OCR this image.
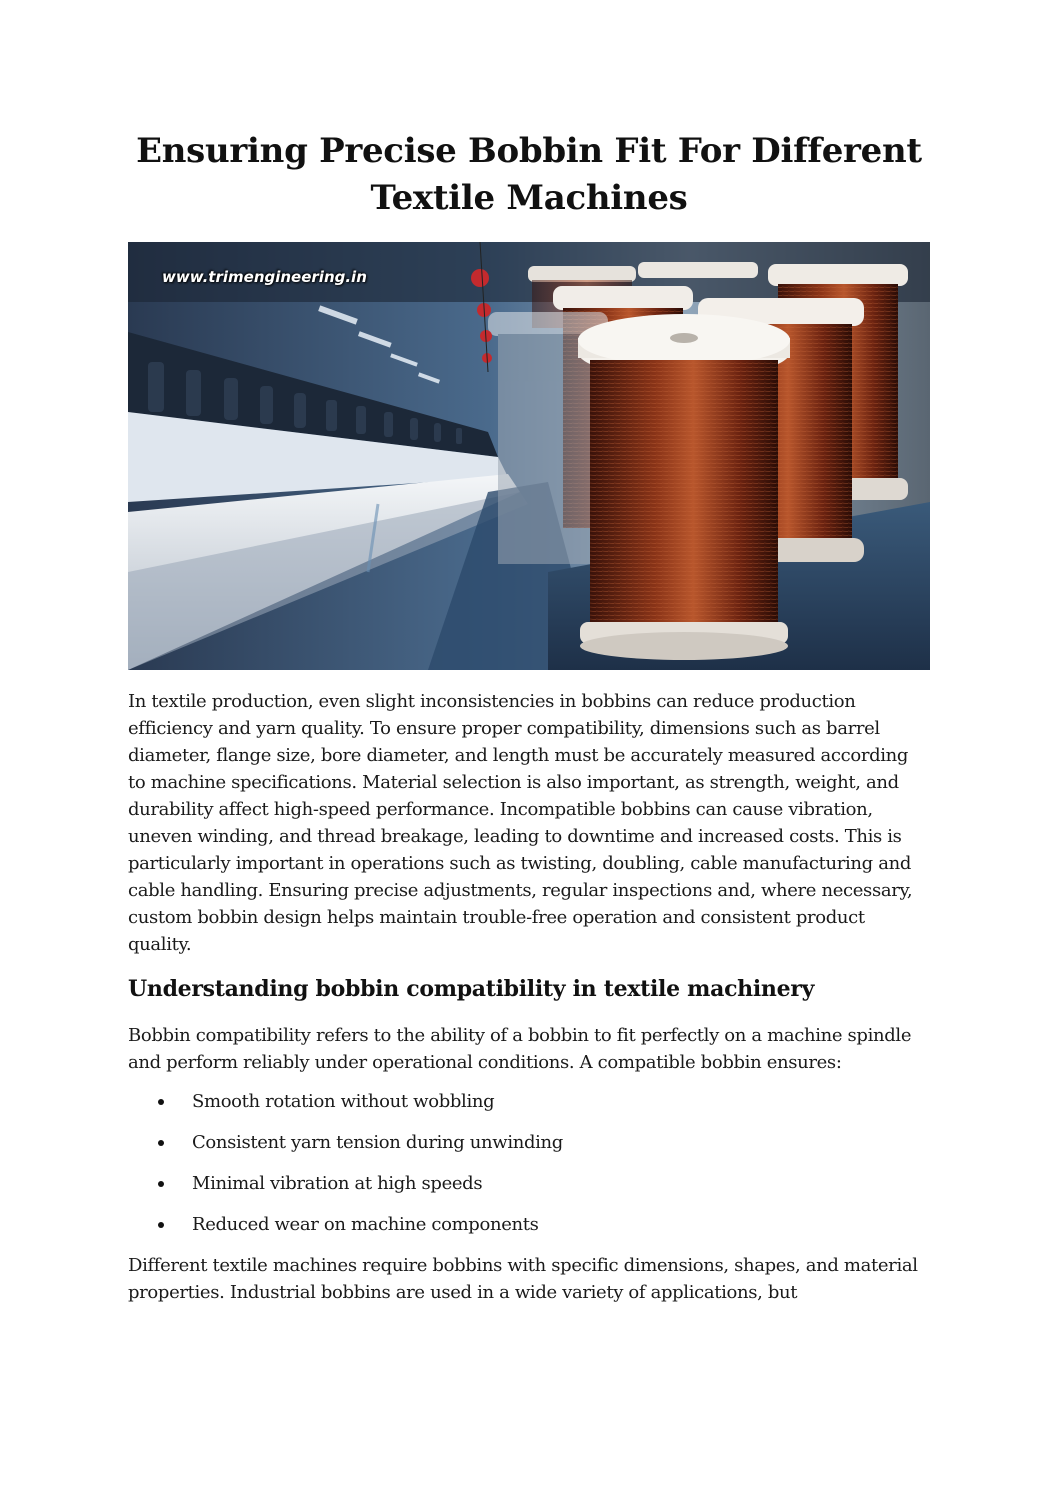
Ensuring Precise Bobbin Fit For Different Textile Machines
www.trimengineering.in

In textile production, even slight inconsistencies in bobbins can reduce production efficiency and yarn quality. To ensure proper compatibility, dimensions such as barrel diameter, flange size, bore diameter, and length must be accurately measured according to machine specifications. Material selection is also important, as strength, weight, and durability affect high-speed performance. Incompatible bobbins can cause vibration, uneven winding, and thread breakage, leading to downtime and increased costs. This is particularly important in operations such as twisting, doubling, cable manufacturing and cable handling. Ensuring precise adjustments, regular inspections and, where necessary, custom bobbin design helps maintain trouble-free operation and consistent product quality.

Understanding bobbin compatibility in textile machinery

Bobbin compatibility refers to the ability of a bobbin to fit perfectly on a machine spindle and perform reliably under operational conditions. A compatible bobbin ensures:

Smooth rotation without wobbling
Consistent yarn tension during unwinding
Minimal vibration at high speeds
Reduced wear on machine components

Different textile machines require bobbins with specific dimensions, shapes, and material properties. Industrial bobbins are used in a wide variety of applications, but
